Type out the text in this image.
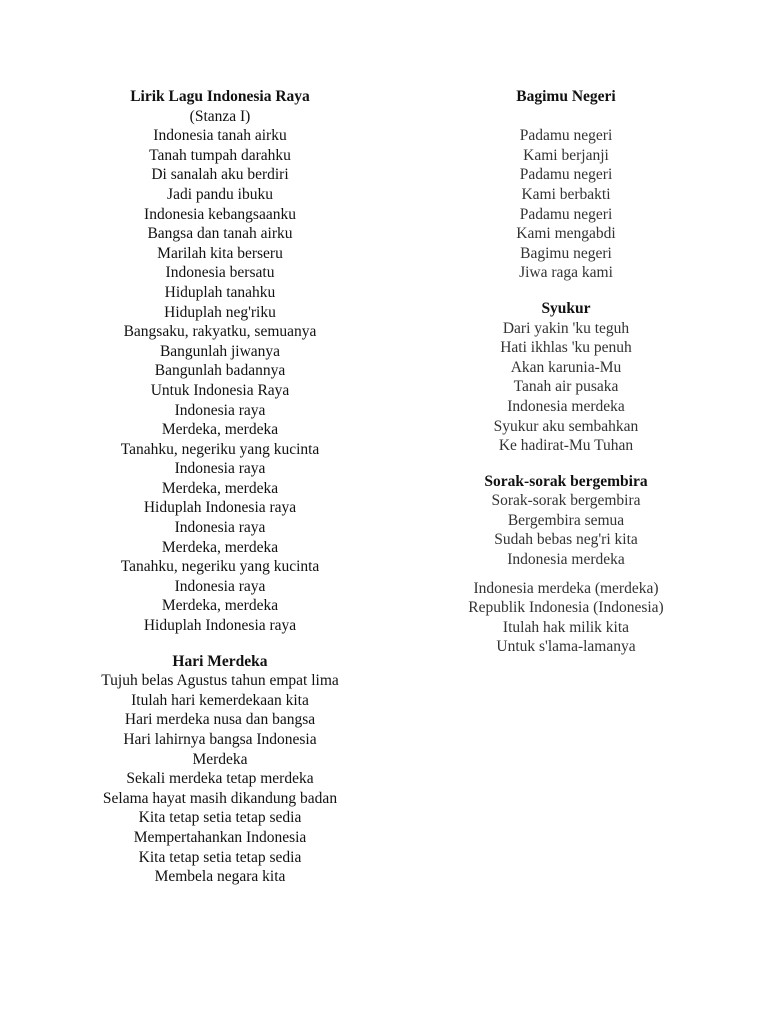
Lirik Lagu Indonesia Raya
(Stanza I)
Indonesia tanah airku
Tanah tumpah darahku
Di sanalah aku berdiri
Jadi pandu ibuku
Indonesia kebangsaanku
Bangsa dan tanah airku
Marilah kita berseru
Indonesia bersatu
Hiduplah tanahku
Hiduplah neg'riku
Bangsaku, rakyatku, semuanya
Bangunlah jiwanya
Bangunlah badannya
Untuk Indonesia Raya
Indonesia raya
Merdeka, merdeka
Tanahku, negeriku yang kucinta
Indonesia raya
Merdeka, merdeka
Hiduplah Indonesia raya
Indonesia raya
Merdeka, merdeka
Tanahku, negeriku yang kucinta
Indonesia raya
Merdeka, merdeka
Hiduplah Indonesia raya
Hari Merdeka
Tujuh belas Agustus tahun empat lima
Itulah hari kemerdekaan kita
Hari merdeka nusa dan bangsa
Hari lahirnya bangsa Indonesia
Merdeka
Sekali merdeka tetap merdeka
Selama hayat masih dikandung badan
Kita tetap setia tetap sedia
Mempertahankan Indonesia
Kita tetap setia tetap sedia
Membela negara kita
Bagimu Negeri
Padamu negeri
Kami berjanji
Padamu negeri
Kami berbakti
Padamu negeri
Kami mengabdi
Bagimu negeri
Jiwa raga kami
Syukur
Dari yakin 'ku teguh
Hati ikhlas 'ku penuh
Akan karunia-Mu
Tanah air pusaka
Indonesia merdeka
Syukur aku sembahkan
Ke hadirat-Mu Tuhan
Sorak-sorak bergembira
Sorak-sorak bergembira
Bergembira semua
Sudah bebas neg'ri kita
Indonesia merdeka
Indonesia merdeka (merdeka)
Republik Indonesia (Indonesia)
Itulah hak milik kita
Untuk s'lama-lamanya
